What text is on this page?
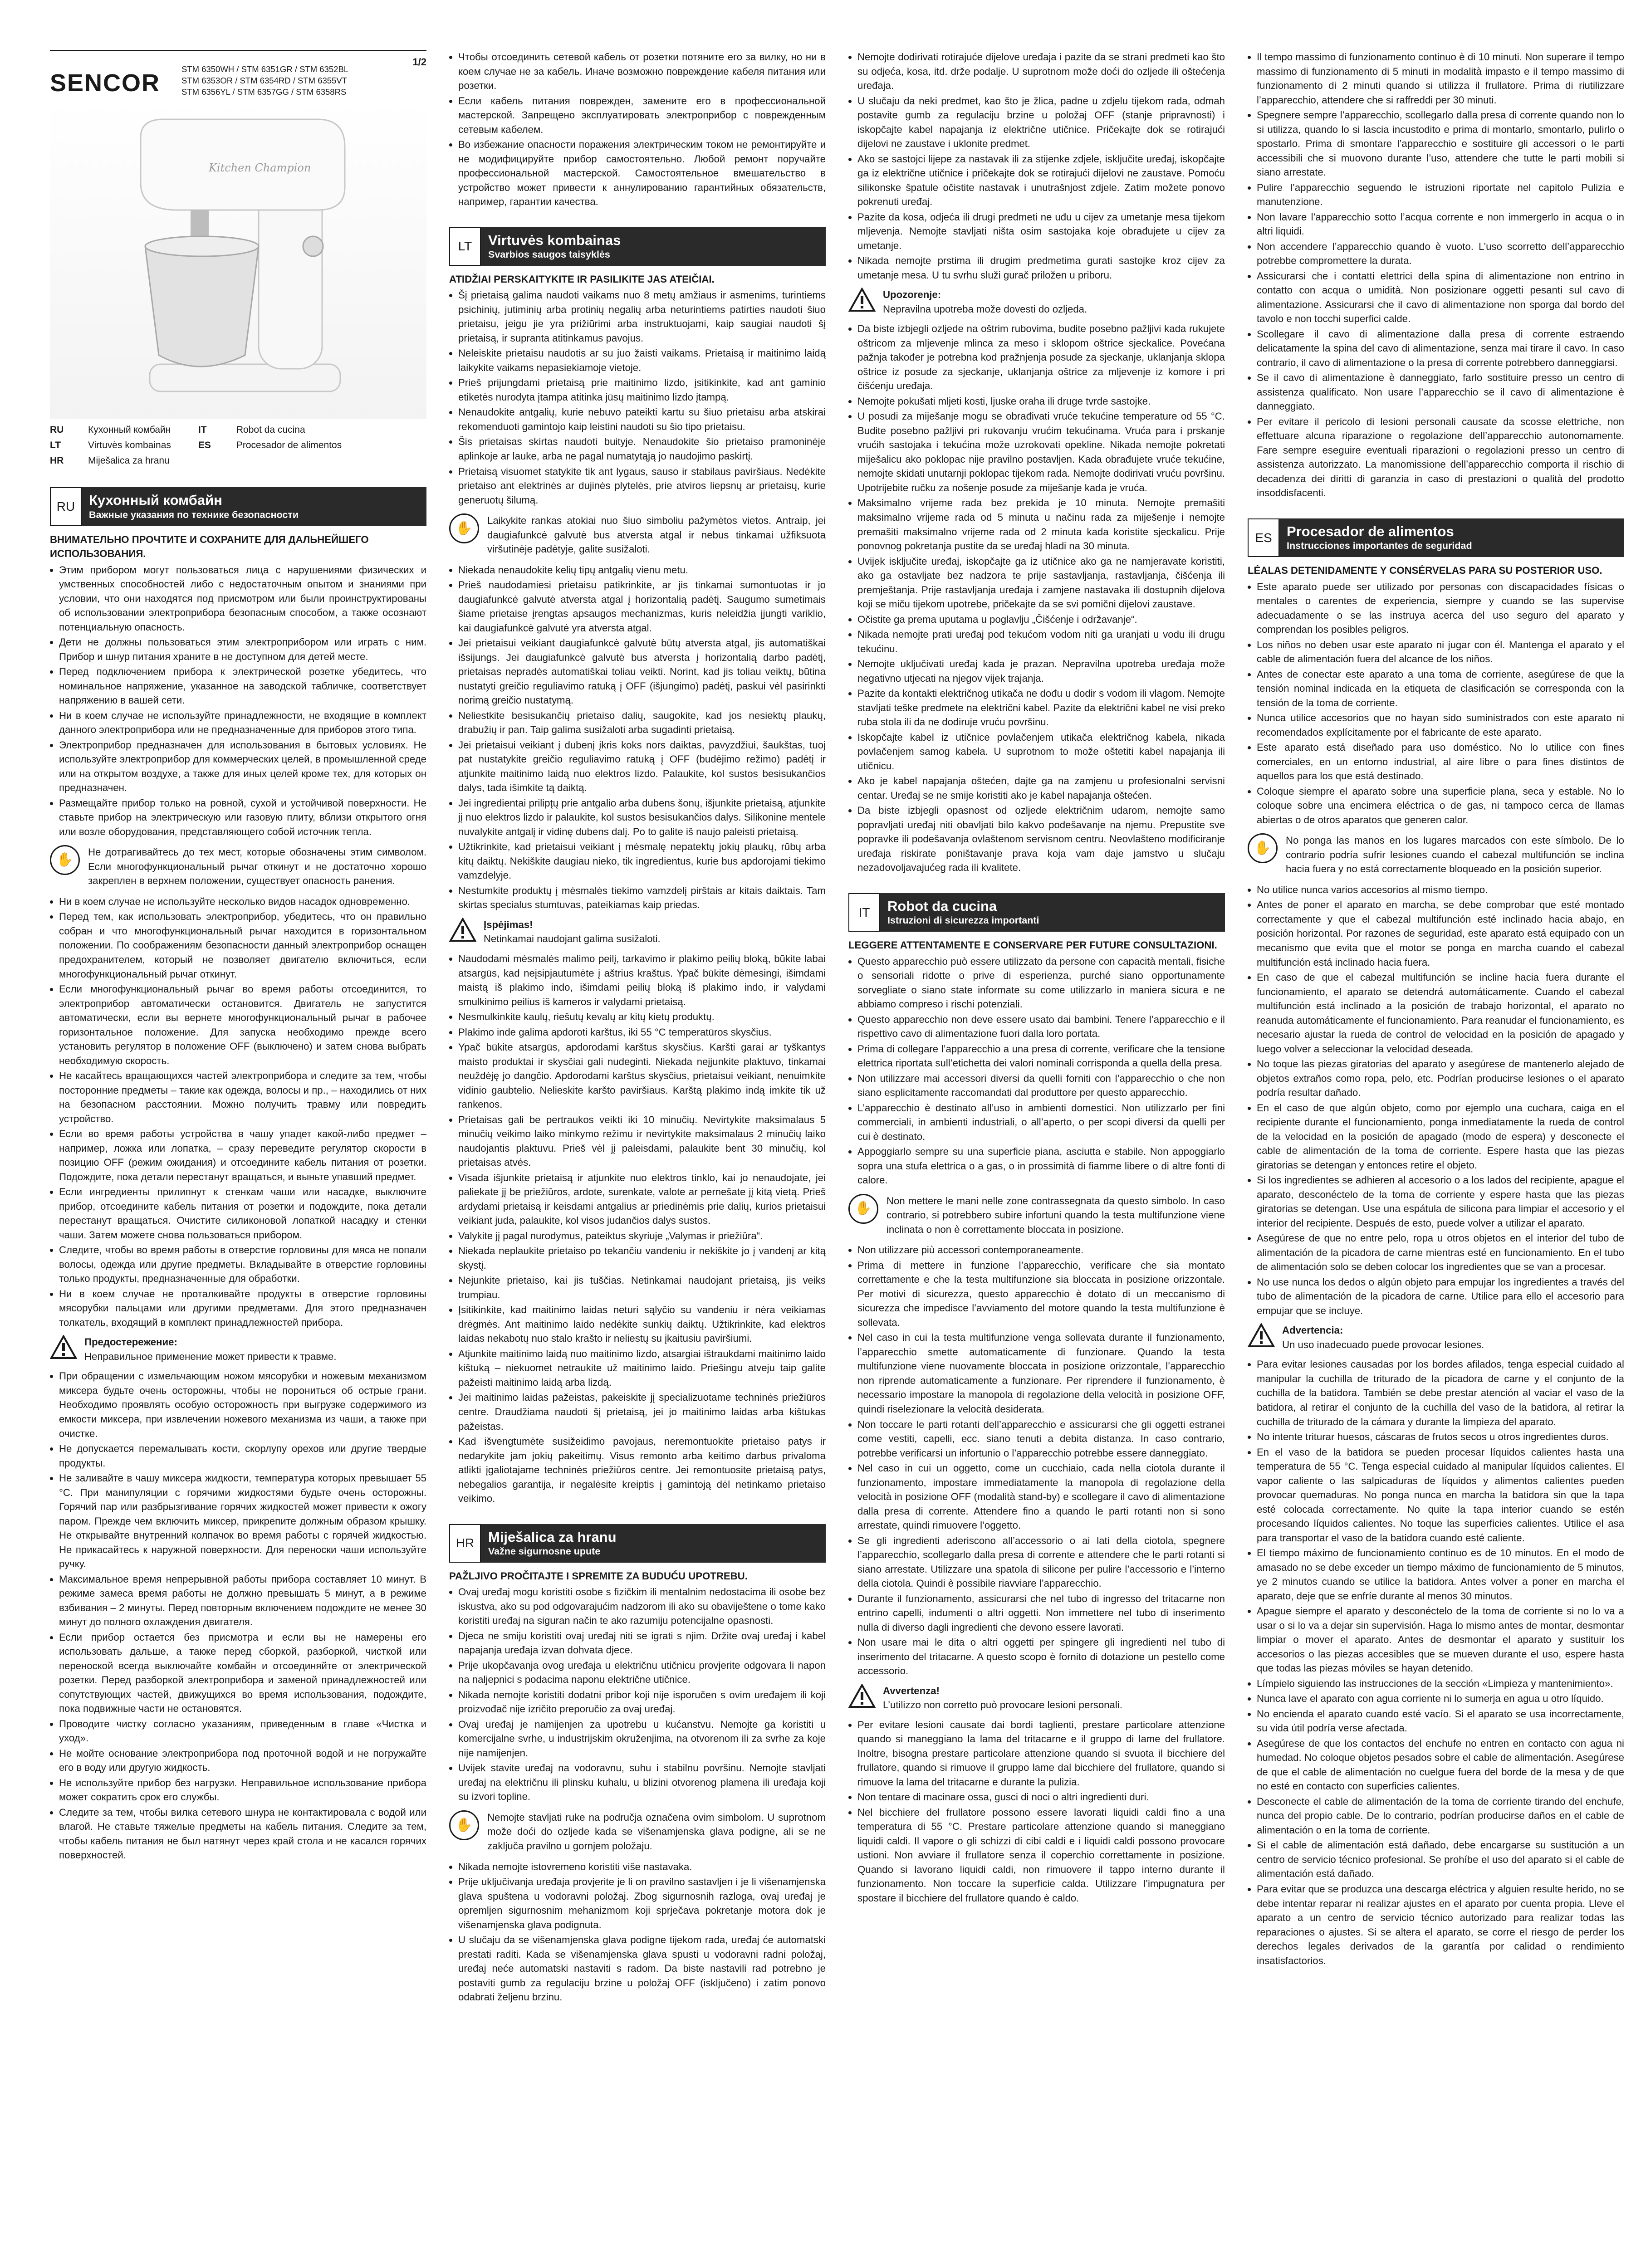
1/2
SENCOR
STM 6350WH / STM 6351GR / STM 6352BL
STM 6353OR / STM 6354RD / STM 6355VT
STM 6356YL / STM 6357GG / STM 6358RS
Kitchen Champion
RU	Кухонный комбайн
LT	Virtuvės kombainas
HR	Miješalica za hranu
IT	Robot da cucina
ES	Procesador de alimentos
RU Кухонный комбайн
Важные указания по технике безопасности

ВНИМАТЕЛЬНО ПРОЧТИТЕ И СОХРАНИТЕ ДЛЯ ДАЛЬНЕЙШЕГО ИСПОЛЬЗОВАНИЯ.

• Этим прибором могут пользоваться лица с нарушениями физических и умственных способностей либо с недостаточным опытом и знаниями при условии, что они находятся под присмотром или были проинструктированы об использовании электроприбора безопасным способом, а также осознают потенциальную опасность.
• Дети не должны пользоваться этим электроприбором или играть с ним. Прибор и шнур питания храните в не доступном для детей месте.
• Перед подключением прибора к электрической розетке убедитесь, что номинальное напряжение, указанное на заводской табличке, соответствует напряжению в вашей сети.
• Ни в коем случае не используйте принадлежности, не входящие в комплект данного электроприбора или не предназначенные для приборов этого типа.
• Электроприбор предназначен для использования в бытовых условиях. Не используйте электроприбор для коммерческих целей, в промышленной среде или на открытом воздухе, а также для иных целей кроме тех, для которых он предназначен.
• Размещайте прибор только на ровной, сухой и устойчивой поверхности. Не ставьте прибор на электрическую или газовую плиту, вблизи открытого огня или возле оборудования, представляющего собой источник тепла.
✋

Не дотрагивайтесь до тех мест, которые обозначены этим символом. Если многофункциональный рычаг откинут и не достаточно хорошо закреплен в верхнем положении, существует опасность ранения.

• Ни в коем случае не используйте несколько видов насадок одновременно.
• Перед тем, как использовать электроприбор, убедитесь, что он правильно собран и что многофункциональный рычаг находится в горизонтальном положении. По соображениям безопасности данный электроприбор оснащен предохранителем, который не позволяет двигателю включиться, если многофункциональный рычаг откинут.
• Если многофункциональный рычаг во время работы отсоединится, то электроприбор автоматически остановится. Двигатель не запустится автоматически, если вы вернете многофункциональный рычаг в рабочее горизонтальное положение. Для запуска необходимо прежде всего установить регулятор в положение OFF (выключено) и затем снова выбрать необходимую скорость.
• Не касайтесь вращающихся частей электроприбора и следите за тем, чтобы посторонние предметы – такие как одежда, волосы и пр., – находились от них на безопасном расстоянии. Можно получить травму или повредить устройство.
• Если во время работы устройства в чашу упадет какой-либо предмет – например, ложка или лопатка, – сразу переведите регулятор скорости в позицию OFF (режим ожидания) и отсоедините кабель питания от розетки. Подождите, пока детали перестанут вращаться, и выньте упавший предмет.
• Если ингредиенты прилипнут к стенкам чаши или насадке, выключите прибор, отсоедините кабель питания от розетки и подождите, пока детали перестанут вращаться. Очистите силиконовой лопаткой насадку и стенки чаши. Затем можете снова пользоваться прибором.
• Следите, чтобы во время работы в отверстие горловины для мяса не попали волосы, одежда или другие предметы. Вкладывайте в отверстие горловины только продукты, предназначенные для обработки.
• Ни в коем случае не проталкивайте продукты в отверстие горловины мясорубки пальцами или другими предметами. Для этого предназначен толкатель, входящий в комплект принадлежностей прибора.

Предостережение:

Неправильное применение может привести к травме.

• При обращении с измельчающим ножом мясорубки и ножевым механизмом миксера будьте очень осторожны, чтобы не порониться об острые грани. Необходимо проявлять особую осторожность при выгрузке содержимого из емкости миксера, при извлечении ножевого механизма из чаши, а также при очистке.
• Не допускается перемалывать кости, скорлупу орехов или другие твердые продукты.
• Не заливайте в чашу миксера жидкости, температура которых превышает 55 °C. При манипуляции с горячими жидкостями будьте очень осторожны. Горячий пар или разбрызгивание горячих жидкостей может привести к ожогу паром. Прежде чем включить миксер, прикрепите должным образом крышку. Не открывайте внутренний колпачок во время работы с горячей жидкостью. Не прикасайтесь к наружной поверхности. Для переноски чаши используйте ручку.
• Максимальное время непрерывной работы прибора составляет 10 минут. В режиме замеса время работы не должно превышать 5 минут, а в режиме взбивания – 2 минуты. Перед повторным включением подождите не менее 30 минут до полного охлаждения двигателя.
• Если прибор остается без присмотра и если вы не намерены его использовать дальше, а также перед сборкой, разборкой, чисткой или переноской всегда выключайте комбайн и отсоединяйте от электрической розетки. Перед разборкой электроприбора и заменой принадлежностей или сопутствующих частей, движущихся во время использования, подождите, пока подвижные части не остановятся.
• Проводите чистку согласно указаниям, приведенным в главе «Чистка и уход».
• Не мойте основание электроприбора под проточной водой и не погружайте его в воду или другую жидкость.
• Не используйте прибор без нагрузки. Неправильное использование прибора может сократить срок его службы.
• Следите за тем, чтобы вилка сетевого шнура не контактировала с водой или влагой. Не ставьте тяжелые предметы на кабель питания. Следите за тем, чтобы кабель питания не был натянут через край стола и не касался горячих поверхностей.
• Чтобы отсоединить сетевой кабель от розетки потяните его за вилку, но ни в коем случае не за кабель. Иначе возможно повреждение кабеля питания или розетки.
• Если кабель питания поврежден, замените его в профессиональной мастерской. Запрещено эксплуатировать электроприбор с поврежденным сетевым кабелем.
• Во избежание опасности поражения электрическим током не ремонтируйте и не модифицируйте прибор самостоятельно. Любой ремонт поручайте профессиональной мастерской. Самостоятельное вмешательство в устройство может привести к аннулированию гарантийных обязательств, например, гарантии качества.
LT	Virtuvės kombainas
Svarbios saugos taisyklės

ATIDŽIAI PERSKAITYKITE IR PASILIKITE JAS ATEIČIAI.

• Šį prietaisą galima naudoti vaikams nuo 8 metų amžiaus ir asmenims, turintiems psichinių, jutiminių arba protinių negalių arba neturintiems patirties naudoti šiuo prietaisu, jeigu jie yra prižiūrimi arba instruktuojami, kaip saugiai naudoti šį prietaisą, ir supranta atitinkamus pavojus.
• Neleiskite prietaisu naudotis ar su juo žaisti vaikams. Prietaisą ir maitinimo laidą laikykite vaikams nepasiekiamoje vietoje.
• Prieš prijungdami prietaisą prie maitinimo lizdo, įsitikinkite, kad ant gaminio etiketės nurodyta įtampa atitinka jūsų maitinimo lizdo įtampą.
• Nenaudokite antgalių, kurie nebuvo pateikti kartu su šiuo prietaisu arba atskirai rekomenduoti gamintojo kaip leistini naudoti su šio tipo prietaisu.
• Šis prietaisas skirtas naudoti buityje. Nenaudokite šio prietaiso pramoninėje aplinkoje ar lauke, arba ne pagal numatytąją jo naudojimo paskirtį.
• Prietaisą visuomet statykite tik ant lygaus, sauso ir stabilaus paviršiaus. Nedėkite prietaiso ant elektrinės ar dujinės plytelės, prie atviros liepsnų ar prietaisų, kurie generuotų šilumą.
✋

Laikykite rankas atokiai nuo šiuo simboliu pažymėtos vietos. Antraip, jei daugiafunkcė galvutė bus atversta atgal ir nebus tinkamai užfiksuota viršutinėje padėtyje, galite susižaloti.

• Niekada nenaudokite kelių tipų antgalių vienu metu.
• Prieš naudodamiesi prietaisu patikrinkite, ar jis tinkamai sumontuotas ir jo daugiafunkcė galvutė atversta atgal į horizontalią padėtį. Saugumo sumetimais šiame prietaise įrengtas apsaugos mechanizmas, kuris neleidžia įjungti variklio, kai daugiafunkcė galvutė yra atversta atgal.
• Jei prietaisui veikiant daugiafunkcė galvutė būtų atversta atgal, jis automatiškai išsijungs. Jei daugiafunkcė galvutė bus atversta į horizontalią darbo padėtį, prietaisas nepradės automatiškai toliau veikti. Norint, kad jis toliau veiktų, būtina nustatyti greičio reguliavimo ratuką į OFF (išjungimo) padėtį, paskui vėl pasirinkti norimą greičio nustatymą.
• Neliestkite besisukančių prietaiso dalių, saugokite, kad jos nesiektų plaukų, drabužių ir pan. Taip galima susižaloti arba sugadinti prietaisą.
• Jei prietaisui veikiant į dubenį įkris koks nors daiktas, pavyzdžiui, šaukštas, tuoj pat nustatykite greičio reguliavimo ratuką į OFF (budėjimo režimo) padėtį ir atjunkite maitinimo laidą nuo elektros lizdo. Palaukite, kol sustos besisukančios dalys, tada išimkite tą daiktą.
• Jei ingredientai prilipt̨ų prie antgalio arba dubens šonų, išjunkite prietaisą, atjunkite jį nuo elektros lizdo ir palaukite, kol sustos besisukančios dalys. Silikonine mentele nuvalykite antgalį ir vidinę dubens dalį. Po to galite iš naujo paleisti prietaisą.
• Užtikrinkite, kad prietaisui veikiant į mėsmalę nepatektų jokių plaukų, rūbų arba kitų daiktų. Nekiškite daugiau nieko, tik ingredientus, kurie bus apdorojami tiekimo vamzdelyje.
• Nestumkite produktų į mėsmalės tiekimo vamzdelį pirštais ar kitais daiktais. Tam skirtas specialus stumtuvas, pateikiamas kaip priedas.

Įspėjimas!

Netinkamai naudojant galima susižaloti.

• Naudodami mėsmalės malimo peilį, tarkavimo ir plakimo peilių bloką, būkite labai atsargūs, kad neįsipjautumėte į aštrius kraštus. Ypač būkite dėmesingi, išimdami maistą iš plakimo indo, išimdami peilių bloką iš plakimo indo, ir valydami smulkinimo peilius iš kameros ir valydami prietaisą.
• Nesmulkinkite kaulų, riešutų kevalų ar kitų kietų produktų.
• Plakimo inde galima apdoroti karštus, iki 55 °C temperatūros skysčius.
• Ypač būkite atsargūs, apdorodami karštus skysčius. Karšti garai ar tyškantys maisto produktai ir skysčiai gali nudeginti. Niekada neįjunkite plaktuvo, tinkamai neuždėję jo dangčio. Apdorodami karštus skysčius, prietaisui veikiant, nenuimkite vidinio gaubtelio. Nelieskite karšto paviršiaus. Karštą plakimo indą imkite tik už rankenos.
• Prietaisas gali be pertraukos veikti iki 10 minučių. Nevirtykite maksimalaus 5 minučių veikimo laiko minkymo režimu ir nevirtykite maksimalaus 2 minučių laiko naudojantis plaktuvu. Prieš vėl jį paleisdami, palaukite bent 30 minučių, kol prietaisas atvės.
• Visada išjunkite prietaisą ir atjunkite nuo elektros tinklo, kai jo nenaudojate, jei paliekate jį be priežiūros, ardote, surenkate, valote ar pernešate jį kitą vietą. Prieš ardydami prietaisą ir keisdami antgalius ar priedinėmis prie dalių, kurios prietaisui veikiant juda, palaukite, kol visos judančios dalys sustos.
• Valykite jį pagal nurodymus, pateiktus skyriuje „Valymas ir priežiūra“.
• Niekada neplaukite prietaiso po tekančiu vandeniu ir nekiškite jo į vandenį ar kitą skystį.
• Nejunkite prietaiso, kai jis tuščias. Netinkamai naudojant prietaisą, jis veiks trumpiau.
• Įsitikinkite, kad maitinimo laidas neturi sąlyčio su vandeniu ir nėra veikiamas drėgmės. Ant maitinimo laido nedėkite sunkių daiktų. Užtikrinkite, kad elektros laidas nekabotų nuo stalo krašto ir neliestų su įkaitusiu paviršiumi.
• Atjunkite maitinimo laidą nuo maitinimo lizdo, atsargiai ištraukdami maitinimo laido kištuką – niekuomet netraukite už maitinimo laido. Priešingu atveju taip galite pažeisti maitinimo laidą arba lizdą.
• Jei maitinimo laidas pažeistas, pakeiskite jį specializuotame techninės priežiūros centre. Draudžiama naudoti šį prietaisą, jei jo maitinimo laidas arba kištukas pažeistas.
• Kad išvengtumėte susižeidimo pavojaus, neremontuokite prietaiso patys ir nedarykite jam jokių pakeitimų. Visus remonto arba keitimo darbus privaloma atlikti įgaliotajame techninės priežiūros centre. Jei remontuosite prietaisą patys, nebegalios garantija, ir negalėsite kreiptis į gamintoją dėl netinkamo prietaiso veikimo.
HR Miješalica za hranu
Važne sigurnosne upute

PAŽLJIVO PROČITAJTE I SPREMITE ZA BUDUĆU UPOTREBU.

• Ovaj uređaj mogu koristiti osobe s fizičkim ili mentalnim nedostacima ili osobe bez iskustva, ako su pod odgovarajućim nadzorom ili ako su obaviještene o tome kako koristiti uređaj na siguran način te ako razumiju potencijalne opasnosti.
• Djeca ne smiju koristiti ovaj uređaj niti se igrati s njim. Držite ovaj uređaj i kabel napajanja uređaja izvan dohvata djece.
• Prije ukopčavanja ovog uređaja u električnu utičnicu provjerite odgovara li napon na naljepnici s podacima naponu električne utičnice.
• Nikada nemojte koristiti dodatni pribor koji nije isporučen s ovim uređajem ili koji proizvođač nije izričito preporučio za ovaj uređaj.
• Ovaj uređaj je namijenjen za upotrebu u kućanstvu. Nemojte ga koristiti u komercijalne svrhe, u industrijskim okruženjima, na otvorenom ili za svrhe za koje nije namijenjen.
• Uvijek stavite uređaj na vodoravnu, suhu i stabilnu površinu. Nemojte stavljati uređaj na električnu ili plinsku kuhalu, u blizini otvorenog plamena ili uređaja koji su izvori topline.
✋

Nemojte stavljati ruke na područja označena ovim simbolom. U suprotnom može doći do ozljede kada se višenamjenska glava podigne, ali se ne zaključa pravilno u gornjem položaju.

• Nikada nemojte istovremeno koristiti više nastavaka.
• Prije uključivanja uređaja provjerite je li on pravilno sastavljen i je li višenamjenska glava spuštena u vodoravni položaj. Zbog sigurnosnih razloga, ovaj uređaj je opremljen sigurnosnim mehanizmom koji sprječava pokretanje motora dok je višenamjenska glava podignuta.
• U slučaju da se višenamjenska glava podigne tijekom rada, uređaj će automatski prestati raditi. Kada se višenamjenska glava spusti u vodoravni radni položaj, uređaj neće automatski nastaviti s radom. Da biste nastavili rad potrebno je postaviti gumb za regulaciju brzine u položaj OFF (isključeno) i zatim ponovo odabrati željenu brzinu.
• Nemojte dodirivati rotirajuće dijelove uređaja i pazite da se strani predmeti kao što su odjeća, kosa, itd. drže podalje. U suprotnom može doći do ozljede ili oštećenja uređaja.
• U slučaju da neki predmet, kao što je žlica, padne u zdjelu tijekom rada, odmah postavite gumb za regulaciju brzine u položaj OFF (stanje pripravnosti) i iskopčajte kabel napajanja iz električne utičnice. Pričekajte dok se rotirajući dijelovi ne zaustave i uklonite predmet.
• Ako se sastojci lijepe za nastavak ili za stijenke zdjele, isključite uređaj, iskopčajte ga iz električne utičnice i pričekajte dok se rotirajući dijelovi ne zaustave. Pomoću silikonske špatule očistite nastavak i unutrašnjost zdjele. Zatim možete ponovo pokrenuti uređaj.
• Pazite da kosa, odjeća ili drugi predmeti ne uđu u cijev za umetanje mesa tijekom mljevenja. Nemojte stavljati ništa osim sastojaka koje obrađujete u cijev za umetanje.
• Nikada nemojte prstima ili drugim predmetima gurati sastojke kroz cijev za umetanje mesa. U tu svrhu služi gurač priložen u priboru.

Upozorenje:

Nepravilna upotreba može dovesti do ozljeda.

• Da biste izbjegli ozljede na oštrim rubovima, budite posebno pažljivi kada rukujete oštricom za mljevenje mlinca za meso i sklopom oštrice sjeckalice. Povećana pažnja također je potrebna kod pražnjenja posude za sjeckanje, uklanjanja sklopa oštrice iz posude za sjeckanje, uklanjanja oštrice za mljevenje iz komore i pri čišćenju uređaja.
• Nemojte pokušati mljeti kosti, ljuske oraha ili druge tvrde sastojke.
• U posudi za miješanje mogu se obrađivati vruće tekućine temperature od 55 °C. Budite posebno pažljivi pri rukovanju vrućim tekućinama. Vruća para i prskanje vrućih sastojaka i tekućina može uzrokovati opekline. Nikada nemojte pokretati miješalicu ako poklopac nije pravilno postavljen. Kada obrađujete vruće tekućine, nemojte skidati unutarnji poklopac tijekom rada. Nemojte dodirivati vruću površinu. Upotrijebite ručku za nošenje posude za miješanje kada je vruća.
• Maksimalno vrijeme rada bez prekida je 10 minuta. Nemojte premašiti maksimalno vrijeme rada od 5 minuta u načinu rada za miješenje i nemojte premašiti maksimalno vrijeme rada od 2 minuta kada koristite sjeckalicu. Prije ponovnog pokretanja pustite da se uređaj hladi na 30 minuta.
• Uvijek isključite uređaj, iskopčajte ga iz utičnice ako ga ne namjeravate koristiti, ako ga ostavljate bez nadzora te prije sastavljanja, rastavljanja, čišćenja ili premještanja. Prije rastavljanja uređaja i zamjene nastavaka ili dostupnih dijelova koji se miču tijekom upotrebe, pričekajte da se svi pomični dijelovi zaustave.
• Očistite ga prema uputama u poglavlju „Čišćenje i održavanje“.
• Nikada nemojte prati uređaj pod tekućom vodom niti ga uranjati u vodu ili drugu tekućinu.
• Nemojte uključivati uređaj kada je prazan. Nepravilna upotreba uređaja može negativno utjecati na njegov vijek trajanja.
• Pazite da kontakti električnog utikača ne dođu u dodir s vodom ili vlagom. Nemojte stavljati teške predmete na električni kabel. Pazite da električni kabel ne visi preko ruba stola ili da ne dodiruje vruću površinu.
• Iskopčajte kabel iz utičnice povlačenjem utikača električnog kabela, nikada povlačenjem samog kabela. U suprotnom to može oštetiti kabel napajanja ili utičnicu.
• Ako je kabel napajanja oštećen, dajte ga na zamjenu u profesionalni servisni centar. Uređaj se ne smije koristiti ako je kabel napajanja oštećen.
• Da biste izbjegli opasnost od ozljede električnim udarom, nemojte samo popravljati uređaj niti obavljati bilo kakvo podešavanje na njemu. Prepustite sve popravke ili podešavanja ovlaštenom servisnom centru. Neovlašteno modificiranje uređaja riskirate poništavanje prava koja vam daje jamstvo u slučaju nezadovoljavajućeg rada ili kvalitete.
IT	Robot da cucina
Istruzioni di sicurezza importanti

LEGGERE ATTENTAMENTE E CONSERVARE PER FUTURE CONSULTAZIONI.

• Questo apparecchio può essere utilizzato da persone con capacità mentali, fisiche o sensoriali ridotte o prive di esperienza, purché siano opportunamente sorvegliate o siano state informate su come utilizzarlo in maniera sicura e ne abbiamo compreso i rischi potenziali.
• Questo apparecchio non deve essere usato dai bambini. Tenere l’apparecchio e il rispettivo cavo di alimentazione fuori dalla loro portata.
• Prima di collegare l’apparecchio a una presa di corrente, verificare che la tensione elettrica riportata sull’etichetta dei valori nominali corrisponda a quella della presa.
• Non utilizzare mai accessori diversi da quelli forniti con l’apparecchio o che non siano esplicitamente raccomandati dal produttore per questo apparecchio.
• L’apparecchio è destinato all’uso in ambienti domestici. Non utilizzarlo per fini commerciali, in ambienti industriali, o all’aperto, o per scopi diversi da quelli per cui è destinato.
• Appoggiarlo sempre su una superficie piana, asciutta e stabile. Non appoggiarlo sopra una stufa elettrica o a gas, o in prossimità di fiamme libere o di altre fonti di calore.
✋

Non mettere le mani nelle zone contrassegnata da questo simbolo. In caso contrario, si potrebbero subire infortuni quando la testa multifunzione viene inclinata o non è correttamente bloccata in posizione.

• Non utilizzare più accessori contemporaneamente.
• Prima di mettere in funzione l’apparecchio, verificare che sia montato correttamente e che la testa multifunzione sia bloccata in posizione orizzontale. Per motivi di sicurezza, questo apparecchio è dotato di un meccanismo di sicurezza che impedisce l’avviamento del motore quando la testa multifunzione è sollevata.
• Nel caso in cui la testa multifunzione venga sollevata durante il funzionamento, l’apparecchio smette automaticamente di funzionare. Quando la testa multifunzione viene nuovamente bloccata in posizione orizzontale, l’apparecchio non riprende automaticamente a funzionare. Per riprendere il funzionamento, è necessario impostare la manopola di regolazione della velocità in posizione OFF, quindi riselezionare la velocità desiderata.
• Non toccare le parti rotanti dell’apparecchio e assicurarsi che gli oggetti estranei come vestiti, capelli, ecc. siano tenuti a debita distanza. In caso contrario, potrebbe verificarsi un infortunio o l’apparecchio potrebbe essere danneggiato.
• Nel caso in cui un oggetto, come un cucchiaio, cada nella ciotola durante il funzionamento, impostare immediatamente la manopola di regolazione della velocità in posizione OFF (modalità stand-by) e scollegare il cavo di alimentazione dalla presa di corrente. Attendere fino a quando le parti rotanti non si sono arrestate, quindi rimuovere l’oggetto.
• Se gli ingredienti aderiscono all’accessorio o ai lati della ciotola, spegnere l’apparecchio, scollegarlo dalla presa di corrente e attendere che le parti rotanti si siano arrestate. Utilizzare una spatola di silicone per pulire l’accessorio e l’interno della ciotola. Quindi è possibile riavviare l’apparecchio.
• Durante il funzionamento, assicurarsi che nel tubo di ingresso del tritacarne non entrino capelli, indumenti o altri oggetti. Non immettere nel tubo di inserimento nulla di diverso dagli ingredienti che devono essere lavorati.
• Non usare mai le dita o altri oggetti per spingere gli ingredienti nel tubo di inserimento del tritacarne. A questo scopo è fornito di dotazione un pestello come accessorio.

Avvertenza!

L’utilizzo non corretto può provocare lesioni personali.

• Per evitare lesioni causate dai bordi taglienti, prestare particolare attenzione quando si maneggiano la lama del tritacarne e il gruppo di lame del frullatore. Inoltre, bisogna prestare particolare attenzione quando si svuota il bicchiere del frullatore, quando si rimuove il gruppo lame dal bicchiere del frullatore, quando si rimuove la lama del tritacarne e durante la pulizia.
• Non tentare di macinare ossa, gusci di noci o altri ingredienti duri.
• Nel bicchiere del frullatore possono essere lavorati liquidi caldi fino a una temperatura di 55 °C. Prestare particolare attenzione quando si maneggiano liquidi caldi. Il vapore o gli schizzi di cibi caldi e i liquidi caldi possono provocare ustioni. Non avviare il frullatore senza il coperchio correttamente in posizione. Quando si lavorano liquidi caldi, non rimuovere il tappo interno durante il funzionamento. Non toccare la superficie calda. Utilizzare l’impugnatura per spostare il bicchiere del frullatore quando è caldo.
• Il tempo massimo di funzionamento continuo è di 10 minuti. Non superare il tempo massimo di funzionamento di 5 minuti in modalità impasto e il tempo massimo di funzionamento di 2 minuti quando si utilizza il frullatore. Prima di riutilizzare l’apparecchio, attendere che si raffreddi per 30 minuti.
• Spegnere sempre l’apparecchio, scollegarlo dalla presa di corrente quando non lo si utilizza, quando lo si lascia incustodito e prima di montarlo, smontarlo, pulirlo o spostarlo. Prima di smontare l’apparecchio e sostituire gli accessori o le parti accessibili che si muovono durante l’uso, attendere che tutte le parti mobili si siano arrestate.
• Pulire l’apparecchio seguendo le istruzioni riportate nel capitolo Pulizia e manutenzione.
• Non lavare l’apparecchio sotto l’acqua corrente e non immergerlo in acqua o in altri liquidi.
• Non accendere l’apparecchio quando è vuoto. L’uso scorretto dell’apparecchio potrebbe compromettere la durata.
• Assicurarsi che i contatti elettrici della spina di alimentazione non entrino in contatto con acqua o umidità. Non posizionare oggetti pesanti sul cavo di alimentazione. Assicurarsi che il cavo di alimentazione non sporga dal bordo del tavolo e non tocchi superfici calde.
• Scollegare il cavo di alimentazione dalla presa di corrente estraendo delicatamente la spina del cavo di alimentazione, senza mai tirare il cavo. In caso contrario, il cavo di alimentazione o la presa di corrente potrebbero danneggiarsi.
• Se il cavo di alimentazione è danneggiato, farlo sostituire presso un centro di assistenza qualificato. Non usare l’apparecchio se il cavo di alimentazione è danneggiato.
• Per evitare il pericolo di lesioni personali causate da scosse elettriche, non effettuare alcuna riparazione o regolazione dell’apparecchio autonomamente. Fare sempre eseguire eventuali riparazioni o regolazioni presso un centro di assistenza autorizzato. La manomissione dell’apparecchio comporta il rischio di decadenza dei diritti di garanzia in caso di prestazioni o qualità del prodotto insoddisfacenti.
ES	Procesador de alimentos
Instrucciones importantes de seguridad

LÉALAS DETENIDAMENTE Y CONSÉRVELAS PARA SU POSTERIOR USO.

• Este aparato puede ser utilizado por personas con discapacidades físicas o mentales o carentes de experiencia, siempre y cuando se las supervise adecuadamente o se las instruya acerca del uso seguro del aparato y comprendan los posibles peligros.
• Los niños no deben usar este aparato ni jugar con él. Mantenga el aparato y el cable de alimentación fuera del alcance de los niños.
• Antes de conectar este aparato a una toma de corriente, asegúrese de que la tensión nominal indicada en la etiqueta de clasificación se corresponda con la tensión de la toma de corriente.
• Nunca utilice accesorios que no hayan sido suministrados con este aparato ni recomendados explícitamente por el fabricante de este aparato.
• Este aparato está diseñado para uso doméstico. No lo utilice con fines comerciales, en un entorno industrial, al aire libre o para fines distintos de aquellos para los que está destinado.
• Coloque siempre el aparato sobre una superficie plana, seca y estable. No lo coloque sobre una encimera eléctrica o de gas, ni tampoco cerca de llamas abiertas o de otros aparatos que generen calor.
✋

No ponga las manos en los lugares marcados con este símbolo. De lo contrario podría sufrir lesiones cuando el cabezal multifunción se inclina hacia fuera y no está correctamente bloqueado en la posición superior.

• No utilice nunca varios accesorios al mismo tiempo.
• Antes de poner el aparato en marcha, se debe comprobar que esté montado correctamente y que el cabezal multifunción esté inclinado hacia abajo, en posición horizontal. Por razones de seguridad, este aparato está equipado con un mecanismo que evita que el motor se ponga en marcha cuando el cabezal multifunción está inclinado hacia fuera.
• En caso de que el cabezal multifunción se incline hacia fuera durante el funcionamiento, el aparato se detendrá automáticamente. Cuando el cabezal multifunción está inclinado a la posición de trabajo horizontal, el aparato no reanuda automáticamente el funcionamiento. Para reanudar el funcionamiento, es necesario ajustar la rueda de control de velocidad en la posición de apagado y luego volver a seleccionar la velocidad deseada.
• No toque las piezas giratorias del aparato y asegúrese de mantenerlo alejado de objetos extraños como ropa, pelo, etc. Podrían producirse lesiones o el aparato podría resultar dañado.
• En el caso de que algún objeto, como por ejemplo una cuchara, caiga en el recipiente durante el funcionamiento, ponga inmediatamente la rueda de control de la velocidad en la posición de apagado (modo de espera) y desconecte el cable de alimentación de la toma de corriente. Espere hasta que las piezas giratorias se detengan y entonces retire el objeto.
• Si los ingredientes se adhieren al accesorio o a los lados del recipiente, apague el aparato, desconéctelo de la toma de corriente y espere hasta que las piezas giratorias se detengan. Use una espátula de silicona para limpiar el accesorio y el interior del recipiente. Después de esto, puede volver a utilizar el aparato.
• Asegúrese de que no entre pelo, ropa u otros objetos en el interior del tubo de alimentación de la picadora de carne mientras esté en funcionamiento. En el tubo de alimentación solo se deben colocar los ingredientes que se van a procesar.
• No use nunca los dedos o algún objeto para empujar los ingredientes a través del tubo de alimentación de la picadora de carne. Utilice para ello el accesorio para empujar que se incluye.

Advertencia:

Un uso inadecuado puede provocar lesiones.

• Para evitar lesiones causadas por los bordes afilados, tenga especial cuidado al manipular la cuchilla de triturado de la picadora de carne y el conjunto de la cuchilla de la batidora. También se debe prestar atención al vaciar el vaso de la batidora, al retirar el conjunto de la cuchilla del vaso de la batidora, al retirar la cuchilla de triturado de la cámara y durante la limpieza del aparato.
• No intente triturar huesos, cáscaras de frutos secos u otros ingredientes duros.
• En el vaso de la batidora se pueden procesar líquidos calientes hasta una temperatura de 55 °C. Tenga especial cuidado al manipular líquidos calientes. El vapor caliente o las salpicaduras de líquidos y alimentos calientes pueden provocar quemaduras. No ponga nunca en marcha la batidora sin que la tapa esté colocada correctamente. No quite la tapa interior cuando se estén procesando líquidos calientes. No toque las superficies calientes. Utilice el asa para transportar el vaso de la batidora cuando esté caliente.
• El tiempo máximo de funcionamiento continuo es de 10 minutos. En el modo de amasado no se debe exceder un tiempo máximo de funcionamiento de 5 minutos, ye 2 minutos cuando se utilice la batidora. Antes volver a poner en marcha el aparato, deje que se enfríe durante al menos 30 minutos.
• Apague siempre el aparato y desconéctelo de la toma de corriente si no lo va a usar o si lo va a dejar sin supervisión. Haga lo mismo antes de montar, desmontar limpiar o mover el aparato. Antes de desmontar el aparato y sustituir los accesorios o las piezas accesibles que se mueven durante el uso, espere hasta que todas las piezas móviles se hayan detenido.
• Límpielo siguiendo las instrucciones de la sección «Limpieza y mantenimiento».
• Nunca lave el aparato con agua corriente ni lo sumerja en agua u otro líquido.
• No encienda el aparato cuando esté vacío. Si el aparato se usa incorrectamente, su vida útil podría verse afectada.
• Asegúrese de que los contactos del enchufe no entren en contacto con agua ni humedad. No coloque objetos pesados sobre el cable de alimentación. Asegúrese de que el cable de alimentación no cuelgue fuera del borde de la mesa y de que no esté en contacto con superficies calientes.
• Desconecte el cable de alimentación de la toma de corriente tirando del enchufe, nunca del propio cable. De lo contrario, podrían producirse daños en el cable de alimentación o en la toma de corriente.
• Si el cable de alimentación está dañado, debe encargarse su sustitución a un centro de servicio técnico profesional. Se prohíbe el uso del aparato si el cable de alimentación está dañado.
• Para evitar que se produzca una descarga eléctrica y alguien resulte herido, no se debe intentar reparar ni realizar ajustes en el aparato por cuenta propia. Lleve el aparato a un centro de servicio técnico autorizado para realizar todas las reparaciones o ajustes. Si se altera el aparato, se corre el riesgo de perder los derechos legales derivados de la garantía por calidad o rendimiento insatisfactorios.
